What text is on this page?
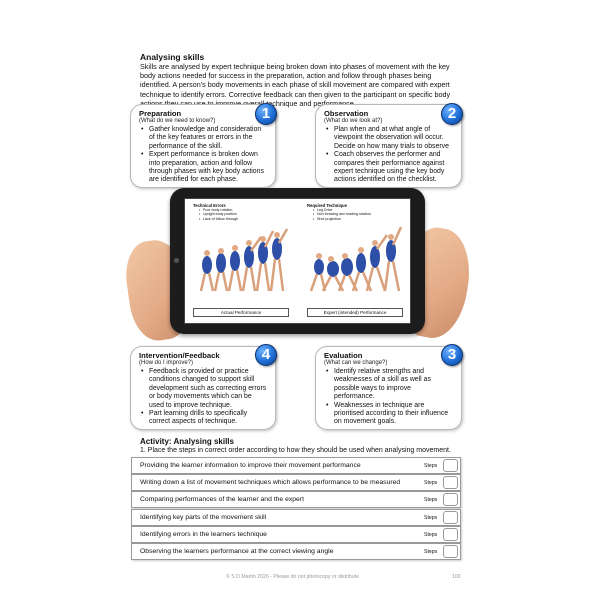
Analysing skills

Skills are analysed by expert technique being broken down into phases of movement with the key body actions needed for success in the preparation, action and follow through phases being identified. A person's body movements in each phase of skill movement are compared with expert technique to identify errors. Corrective feedback can then given to the participant on specific body technique and

Preparation
(What do we need to know?)
• Gather knowledge and consideration of the key features or errors in the performance of the skill.
• Expert performance is broken down into preparation, action and follow through phases with key body actions are identified for each phase.
1	Observation
(What do we look at?)
• Plan when and at what angle of viewpoint the observation will occur. Decide on how many trials to observe
• Coach observes the performer and compares their performance against expert technique using the key body actions identified on the checklist.
2
Technical Errors
• Poor body rotation
• Upright body position
• Lack of follow through
Actual Performance
Required Technique
• Leg Drive
• Non throwing arm leading rotation
• Shot projection
Expert (intended) Performance
Intervention/Feedback
(How do I improve?)
• Feedback is provided or practice conditions changed to support skill development such as correcting errors or body movements which can be used to improve technique.
• Part learning drills to specifically correct aspects of technique.
4	Evaluation
(What can we change?)
• Identify relative strengths and weaknesses of a skill as well as possible ways to improve performance.
• Weaknesses in technique are prioritised according to their influence on movement goals.
3
Activity: Analysing skills
1. Place the steps in correct order according to how they should be used when analysing movement.
Providing the learner information to improve their movement performance	Steps
Writing down a list of movement techniques which allows performance to be measured	Steps
Comparing performances of the learner and the expert	Steps
Identifying key parts of the movement skill	Steps
Identifying errors in the learners technique	Steps
Observing the learners performance at the correct viewing angle	Steps
© S D Martin 2026 - Please do not photocopy or distribute	100
